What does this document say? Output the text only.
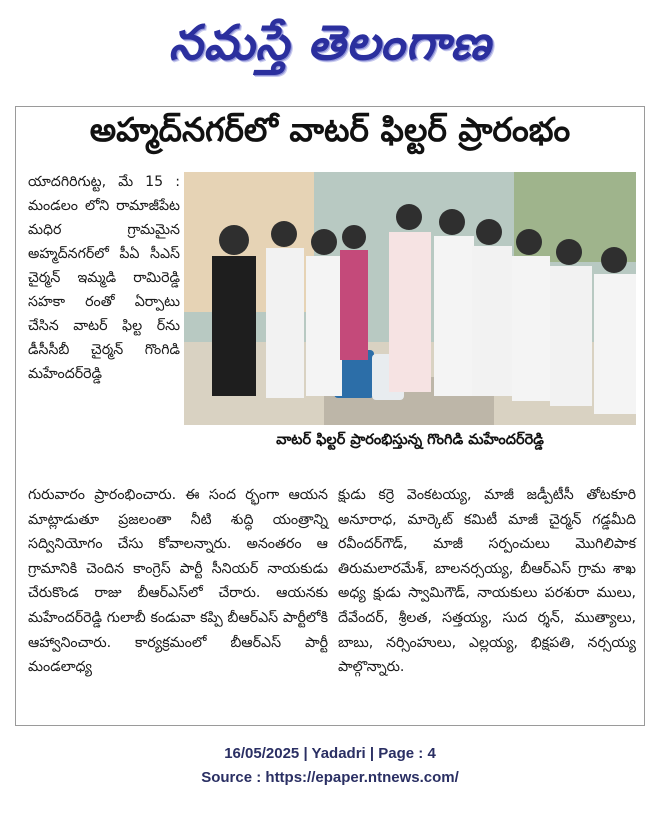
నమస్తే తెలంగాణ
అహ్మద్‌నగర్‌లో వాటర్ ఫిల్టర్ ప్రారంభం

యాదగిరిగుట్ట, మే 15 : మండలం లోని రామాజీపేట మధిర గ్రామమైన అహ్మద్‌నగర్‌లో పీఏ సీఎస్ చైర్మన్ ఇమ్మడి రామిరెడ్డి సహకా రంతో ఏర్పాటు చేసిన వాటర్ ఫిల్ట ర్‌ను డీసీసీబీ చైర్మన్ గొంగిడి మహేందర్‌రెడ్డి

వాటర్ ఫిల్టర్ ప్రారంభిస్తున్న గొంగిడి మహేందర్‌రెడ్డి

గురువారం ప్రారంభించారు. ఈ సంద ర్భంగా ఆయన మాట్లాడుతూ ప్రజలంతా నీటి శుద్ధి యంత్రాన్ని సద్వినియోగం చేసు కోవాలన్నారు. అనంతరం ఆ గ్రామానికి చెందిన కాంగ్రెస్ పార్టీ సీనియర్ నాయకుడు చేరుకొండ రాజు బీఆర్‌ఎస్‌లో చేరారు. ఆయనకు మహేందర్‌రెడ్డి గులాబీ కండువా కప్పి బీఆర్‌ఎస్ పార్టీలోకి ఆహ్వానించారు. కార్యక్రమంలో బీఆర్‌ఎస్ పార్టీ మండలాధ్య

క్షుడు కర్రె వెంకటయ్య, మాజీ జడ్పీటీసీ తోటకూరి అనూరాధ, మార్కెట్ కమిటీ మాజీ చైర్మన్ గడ్డమీది రవీందర్‌గౌడ్, మాజీ సర్పంచులు మొగిలిపాక తిరుమలారమేశ్, బాలనర్సయ్య, బీఆర్‌ఎస్ గ్రామ శాఖ అధ్య క్షుడు స్వామిగౌడ్, నాయకులు పరశురా ములు, దేవేందర్, శ్రీలత, సత్తయ్య, సుద ర్శన్, ముత్యాలు, బాబు, నర్సింహులు, ఎల్లయ్య, భిక్షపతి, నర్సయ్య పాల్గొన్నారు.

16/05/2025 | Yadadri | Page : 4
Source : https://epaper.ntnews.com/
